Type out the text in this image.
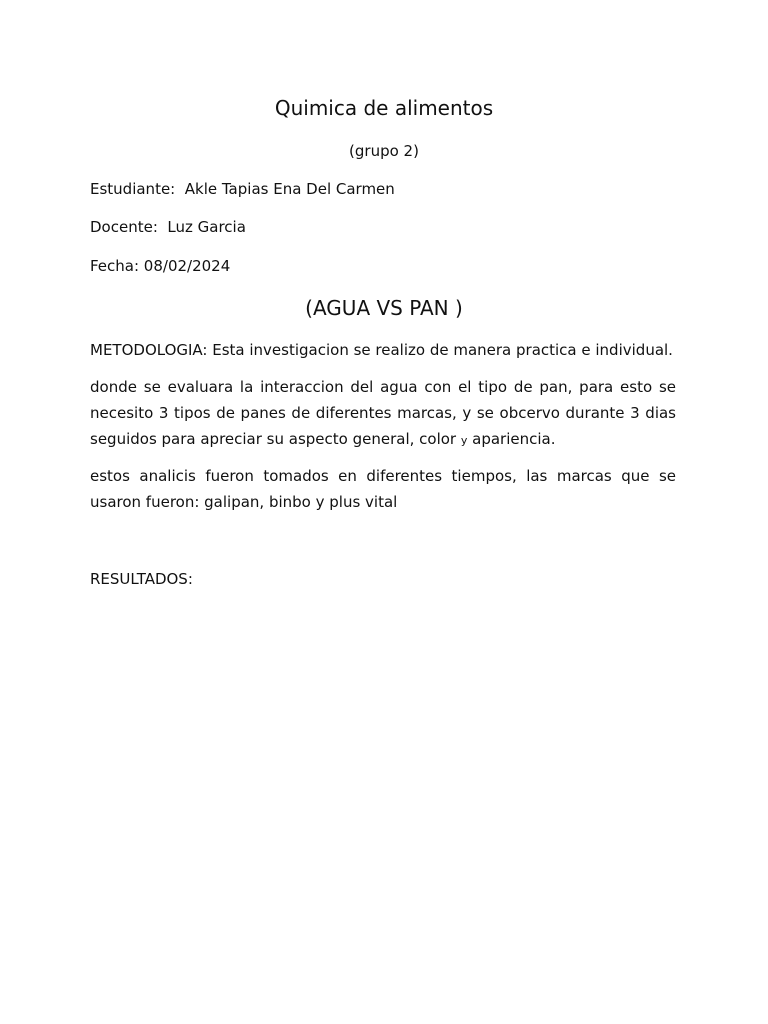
Quimica de alimentos
(grupo 2)
Estudiante:  Akle Tapias Ena Del Carmen
Docente:  Luz Garcia
Fecha: 08/02/2024
(AGUA VS PAN )
METODOLOGIA: Esta investigacion se realizo de manera practica e individual.
donde se evaluara la interaccion del agua con el tipo de pan, para esto se necesito 3 tipos de panes de diferentes marcas, y se obcervo durante 3 dias seguidos para apreciar su aspecto general, color y apariencia.
estos analicis fueron tomados en diferentes tiempos, las marcas que se usaron fueron: galipan, binbo y plus vital
RESULTADOS:
